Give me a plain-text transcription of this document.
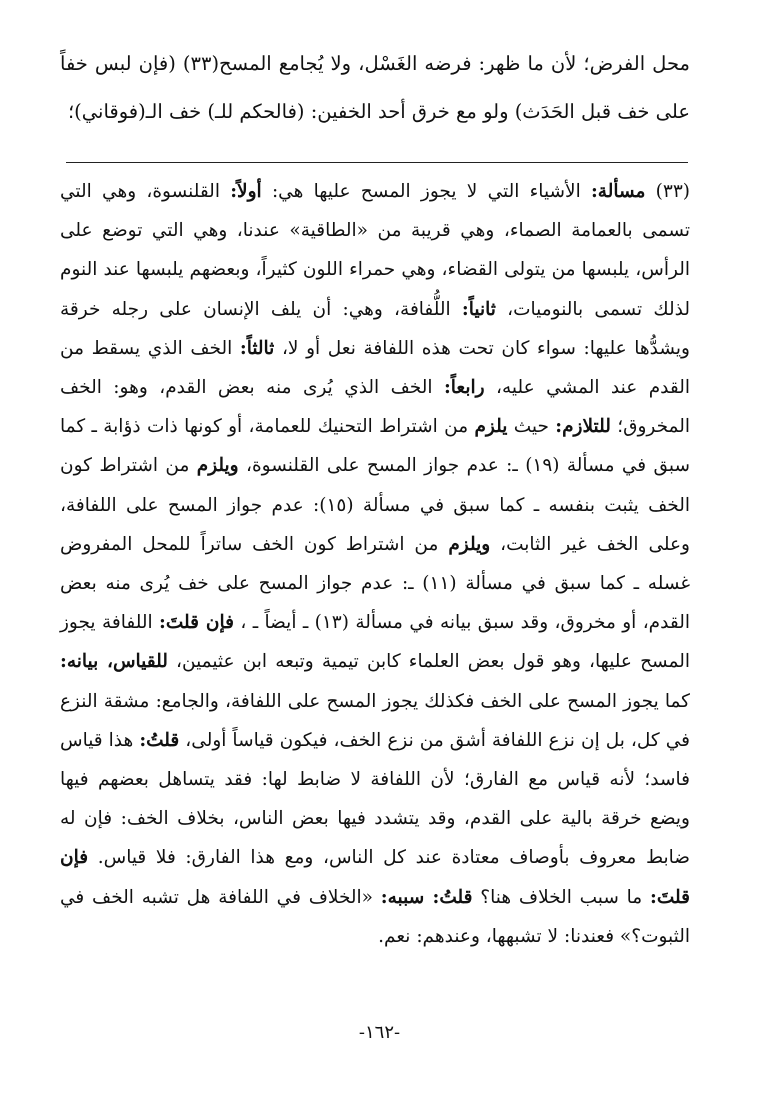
محل الفرض؛ لأن ما ظهر: فرضه الغَسْل، ولا يُجامع المسح(٣٣) (فإن لبس خفاً على خف قبل الحَدَث) ولو مع خرق أحد الخفين: (فالحكم للـ) خف الـ(فوقاني)؛

(٣٣) مسألة: الأشياء التي لا يجوز المسح عليها هي: أولاً: القلنسوة، وهي التي تسمى بالعمامة الصماء، وهي قريبة من «الطاقية» عندنا، وهي التي توضع على الرأس، يلبسها من يتولى القضاء، وهي حمراء اللون كثيراً، وبعضهم يلبسها عند النوم لذلك تسمى بالنوميات، ثانياً: اللُّفافة، وهي: أن يلف الإنسان على رجله خرقة ويشدُّها عليها: سواء كان تحت هذه اللفافة نعل أو لا، ثالثاً: الخف الذي يسقط من القدم عند المشي عليه، رابعاً: الخف الذي يُرى منه بعض القدم، وهو: الخف المخروق؛ للتلازم: حيث يلزم من اشتراط التحنيك للعمامة، أو كونها ذات ذؤابة ـ كما سبق في مسألة (١٩) ـ: عدم جواز المسح على القلنسوة، ويلزم من اشتراط كون الخف يثبت بنفسه ـ كما سبق في مسألة (١٥): عدم جواز المسح على اللفافة، وعلى الخف غير الثابت، ويلزم من اشتراط كون الخف ساتراً للمحل المفروض غسله ـ كما سبق في مسألة (١١) ـ: عدم جواز المسح على خف يُرى منه بعض القدم، أو مخروق، وقد سبق بيانه في مسألة (١٣) ـ أيضاً ـ ، فإن قلتَ: اللفافة يجوز المسح عليها، وهو قول بعض العلماء كابن تيمية وتبعه ابن عثيمين، للقياس، بيانه: كما يجوز المسح على الخف فكذلك يجوز المسح على اللفافة، والجامع: مشقة النزع في كل، بل إن نزع اللفافة أشق من نزع الخف، فيكون قياساً أولى، قلتُ: هذا قياس فاسد؛ لأنه قياس مع الفارق؛ لأن اللفافة لا ضابط لها: فقد يتساهل بعضهم فيها ويضع خرقة بالية على القدم، وقد يتشدد فيها بعض الناس، بخلاف الخف: فإن له ضابط معروف بأوصاف معتادة عند كل الناس، ومع هذا الفارق: فلا قياس. فإن قلتَ: ما سبب الخلاف هنا؟ قلتُ: سببه: «الخلاف في اللفافة هل تشبه الخف في الثبوت؟» فعندنا: لا تشبهها، وعندهم: نعم.

-١٦٢-
